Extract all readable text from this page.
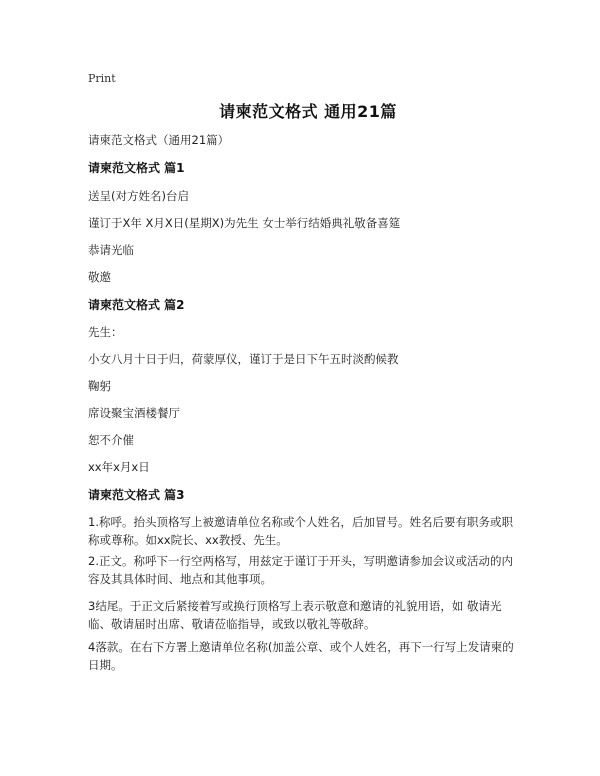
Print
请柬范文格式 通用21篇
请柬范文格式（通用21篇）
请柬范文格式 篇1
送呈(对方姓名)台启
谨订于X年 X月X日(星期X)为先生 女士举行结婚典礼敬备喜筵
恭请光临
敬邀
请柬范文格式 篇2
先生：
小女八月十日于归，荷蒙厚仪，谨订于是日下午五时淡酌候教
鞠躬
席设聚宝酒楼餐厅
恕不介催
xx年x月x日
请柬范文格式 篇3
1.称呼。抬头顶格写上被邀请单位名称或个人姓名，后加冒号。姓名后要有职务或职称或尊称。如xx院长、xx教授、先生。
2.正文。称呼下一行空两格写，用兹定于谨订于开头，写明邀请参加会议或活动的内容及其具体时间、地点和其他事项。
3结尾。于正文后紧接着写或换行顶格写上表示敬意和邀请的礼貌用语，如 敬请光临、敬请届时出席、敬请莅临指导，或致以敬礼等敬辞。
4落款。在右下方署上邀请单位名称(加盖公章、或个人姓名，再下一行写上发请柬的日期。
